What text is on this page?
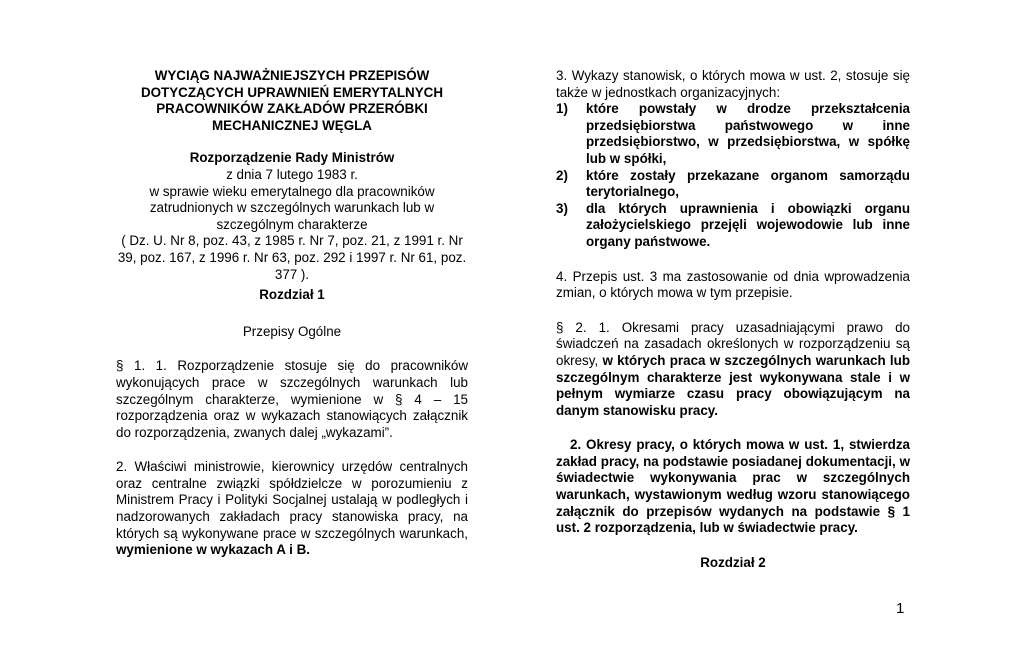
WYCIĄG NAJWAŻNIEJSZYCH PRZEPISÓW DOTYCZĄCYCH UPRAWNIEŃ EMERYTALNYCH PRACOWNIKÓW ZAKŁADÓW PRZERÓBKI MECHANICZNEJ WĘGLA

Rozporządzenie Rady Ministrów

z dnia 7 lutego 1983 r.

w sprawie wieku emerytalnego dla pracowników zatrudnionych w szczególnych warunkach lub w szczególnym charakterze

( Dz. U. Nr 8, poz. 43, z 1985 r. Nr 7, poz. 21, z 1991 r. Nr 39, poz. 167, z 1996 r. Nr 63, poz. 292 i 1997 r. Nr 61, poz. 377 ).

Rozdział 1

Przepisy Ogólne

§ 1. 1. Rozporządzenie stosuje się do pracowników wykonujących prace w szczególnych warunkach lub szczególnym charakterze, wymienione w § 4 – 15 rozporządzenia oraz w wykazach stanowiących załącznik do rozporządzenia, zwanych dalej „wykazami”.

2. Właściwi ministrowie, kierownicy urzędów centralnych oraz centralne związki spółdzielcze w porozumieniu z Ministrem Pracy i Polityki Socjalnej ustalają w podległych i nadzorowanych zakładach pracy stanowiska pracy, na których są wykonywane prace w szczególnych warunkach, wymienione w wykazach A i B.

3. Wykazy stanowisk, o których mowa w ust. 2, stosuje się także w jednostkach organizacyjnych:

1) które powstały w drodze przekształcenia przedsiębiorstwa państwowego w inne przedsiębiorstwo, w przedsiębiorstwa, w spółkę lub w spółki,
2) które zostały przekazane organom samorządu terytorialnego,
3) dla których uprawnienia i obowiązki organu założycielskiego przejęli wojewodowie lub inne organy państwowe.

4. Przepis ust. 3 ma zastosowanie od dnia wprowadzenia zmian, o których mowa w tym przepisie.

§ 2. 1. Okresami pracy uzasadniającymi prawo do świadczeń na zasadach określonych w rozporządzeniu są okresy, w których praca w szczególnych warunkach lub szczególnym charakterze jest wykonywana stale i w pełnym wymiarze czasu pracy obowiązującym na danym stanowisku pracy.

2. Okresy pracy, o których mowa w ust. 1, stwierdza zakład pracy, na podstawie posiadanej dokumentacji, w świadectwie wykonywania prac w szczególnych warunkach, wystawionym według wzoru stanowiącego załącznik do przepisów wydanych na podstawie § 1 ust. 2 rozporządzenia, lub w świadectwie pracy.

Rozdział 2

1
